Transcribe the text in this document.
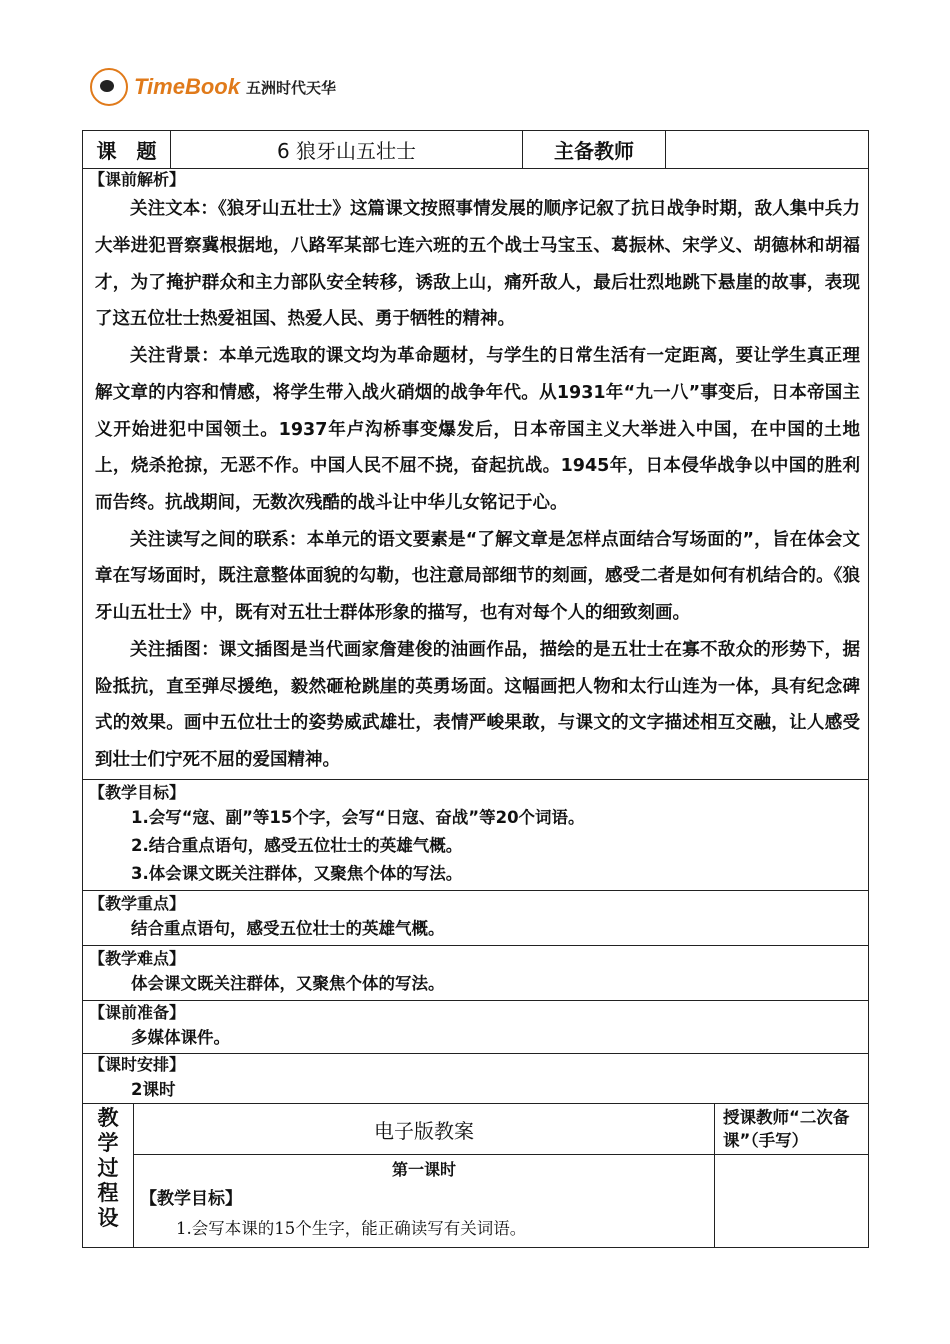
TimeBook 五洲时代天华
课　题	6 狼牙山五壮士	主备教师	

【课前解析】
关注文本：《狼牙山五壮士》这篇课文按照事情发展的顺序记叙了抗日战争时期，敌人集中兵力大举进犯晋察冀根据地，八路军某部七连六班的五个战士马宝玉、葛振林、宋学义、胡德林和胡福才，为了掩护群众和主力部队安全转移，诱敌上山，痛歼敌人，最后壮烈地跳下悬崖的故事，表现了这五位壮士热爱祖国、热爱人民、勇于牺牲的精神。
关注背景：本单元选取的课文均为革命题材，与学生的日常生活有一定距离，要让学生真正理解文章的内容和情感，将学生带入战火硝烟的战争年代。从1931年“九一八”事变后，日本帝国主义开始进犯中国领土。1937年卢沟桥事变爆发后，日本帝国主义大举进入中国，在中国的土地上，烧杀抢掠，无恶不作。中国人民不屈不挠，奋起抗战。1945年，日本侵华战争以中国的胜利而告终。抗战期间，无数次残酷的战斗让中华儿女铭记于心。
关注读写之间的联系：本单元的语文要素是“了解文章是怎样点面结合写场面的”，旨在体会文章在写场面时，既注意整体面貌的勾勒，也注意局部细节的刻画，感受二者是如何有机结合的。《狼牙山五壮士》中，既有对五壮士群体形象的描写，也有对每个人的细致刻画。
关注插图：课文插图是当代画家詹建俊的油画作品，描绘的是五壮士在寡不敌众的形势下，据险抵抗，直至弹尽援绝，毅然砸枪跳崖的英勇场面。这幅画把人物和太行山连为一体，具有纪念碑式的效果。画中五位壮士的姿势威武雄壮，表情严峻果敢，与课文的文字描述相互交融，让人感受到壮士们宁死不屈的爱国精神。

【教学目标】
1.会写“寇、副”等15个字，会写“日寇、奋战”等20个词语。
2.结合重点语句，感受五位壮士的英雄气概。
3.体会课文既关注群体，又聚焦个体的写法。

【教学重点】
结合重点语句，感受五位壮士的英雄气概。

【教学难点】
体会课文既关注群体，又聚焦个体的写法。

【课前准备】
多媒体课件。

【课时安排】
2课时
教学过程设	电子版教案	授课教师“二次备课”（手写）

	第一课时
【教学目标】
1.会写本课的15个生字，能正确读写有关词语。	
